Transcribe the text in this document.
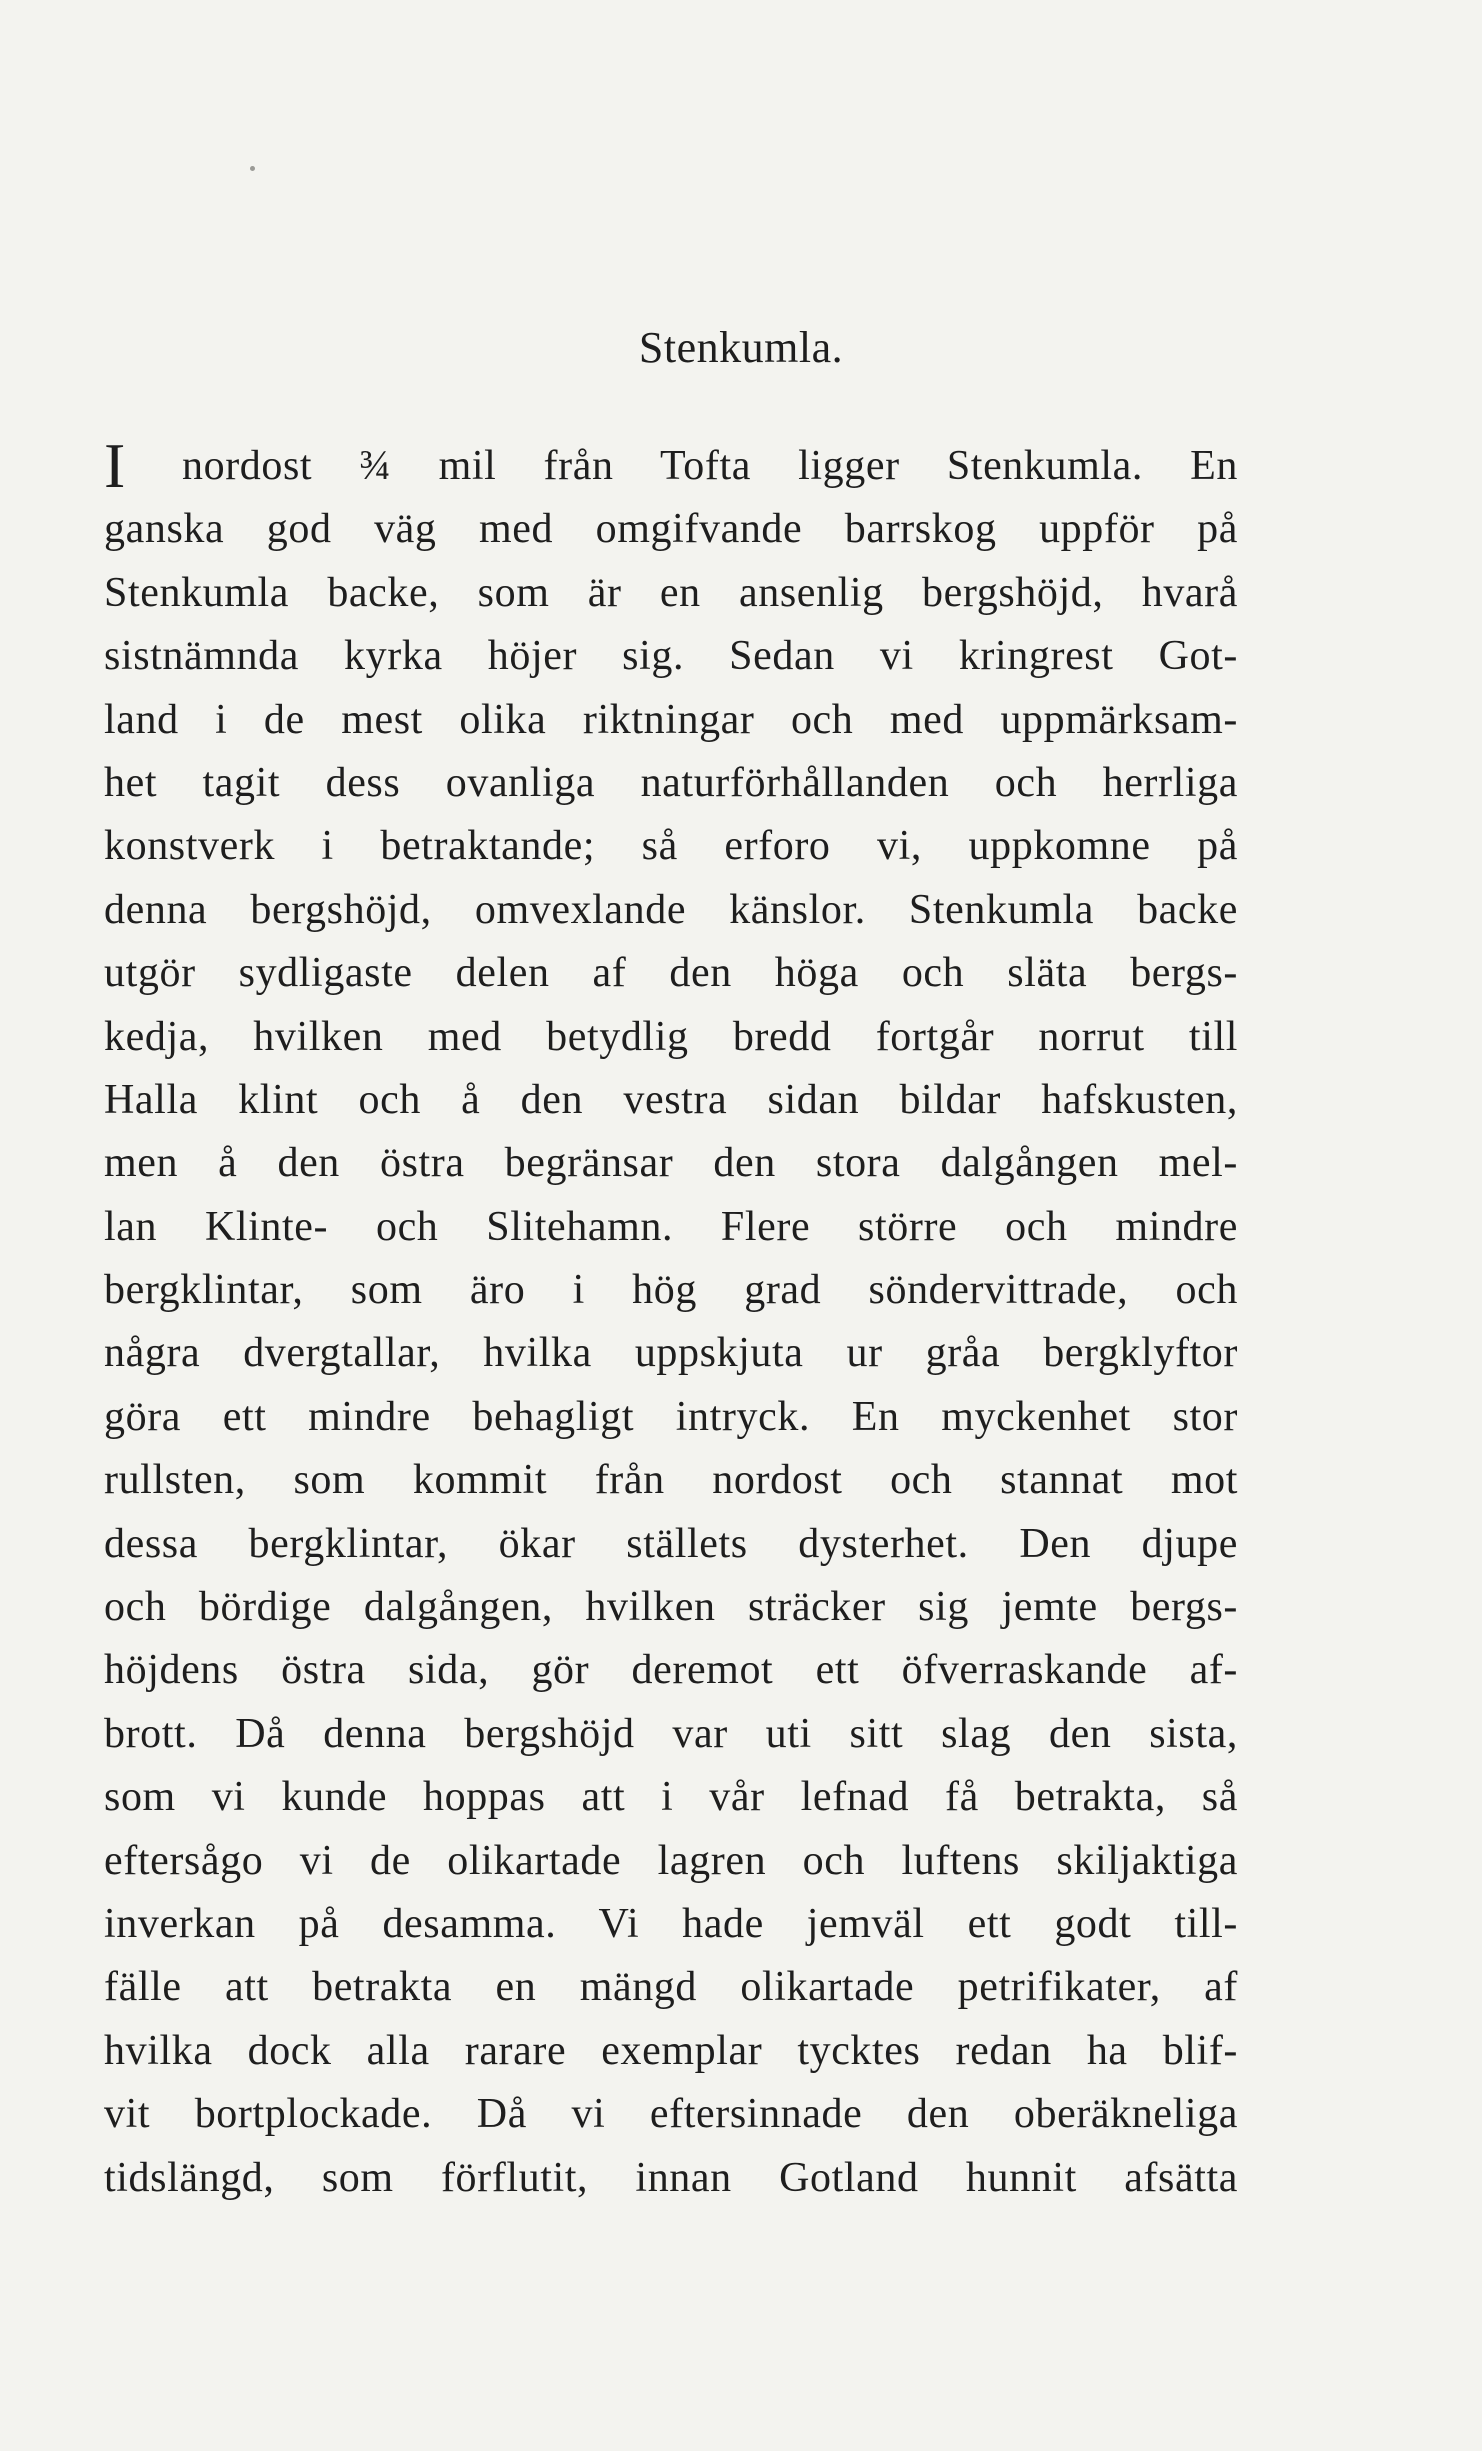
Stenkumla.
I	nordost ¾ mil från Tofta ligger Stenkumla. En
ganska god väg med omgifvande barrskog uppför på
Stenkumla backe, som är en ansenlig bergshöjd, hvarå
sistnämnda kyrka höjer sig. Sedan vi kringrest Got-
land i de mest olika riktningar och med uppmärksam-
het tagit dess ovanliga naturförhållanden och herrliga
konstverk i betraktande; så erforo vi, uppkomne på
denna bergshöjd, omvexlande känslor. Stenkumla backe
utgör sydligaste delen af den höga och släta bergs-
kedja, hvilken med betydlig bredd fortgår norrut till
Halla klint och å den vestra sidan bildar hafskusten,
men å den östra begränsar den stora dalgången mel-
lan Klinte- och Slitehamn. Flere större och mindre
bergklintar, som äro i hög grad söndervittrade, och
några dvergtallar, hvilka uppskjuta ur gråa bergklyftor
göra ett mindre behagligt intryck. En myckenhet stor
rullsten, som kommit från nordost och stannat mot
dessa bergklintar, ökar ställets dysterhet. Den djupe
och bördige dalgången, hvilken sträcker sig jemte bergs-
höjdens östra sida, gör deremot ett öfverraskande af-
brott. Då denna bergshöjd var uti sitt slag den sista,
som vi kunde hoppas att i vår lefnad få betrakta, så
eftersågo vi de olikartade lagren och luftens skiljaktiga
inverkan på desamma. Vi hade jemväl ett godt till-
fälle att betrakta en mängd olikartade petrifikater, af
hvilka dock alla rarare exemplar tycktes redan ha blif-
vit bortplockade. Då vi eftersinnade den oberäkneliga
tidslängd, som förflutit, innan Gotland hunnit afsätta
